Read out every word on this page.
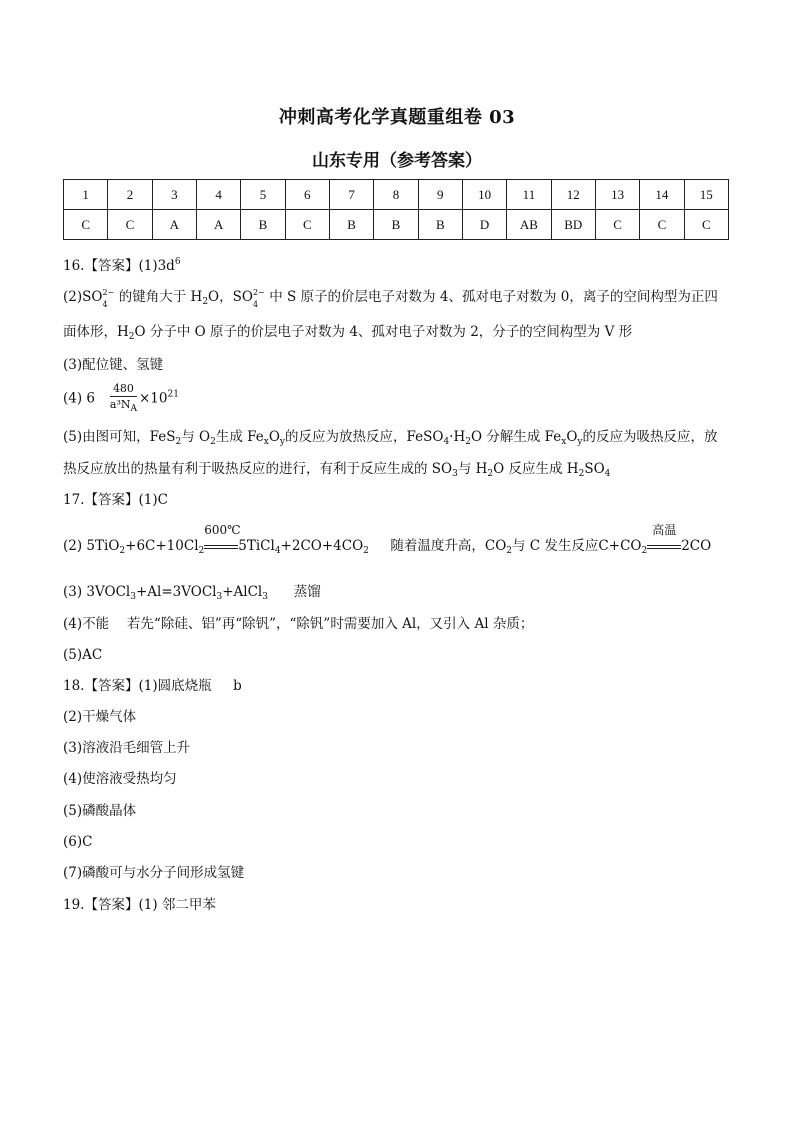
冲刺高考化学真题重组卷 03
山东专用（参考答案）
1	2	3	4	5	6	7	8	9	10	11	12	13	14	15
C	C	A	A	B	C	B	B	B	D	AB	BD	C	C	C
16.【答案】$(1)3d^6$
(2)SO 2−
4 的键角大于 $H_2O$，SO 2−
4 中 S 原子的价层电子对数为 4、孤对电子对数为 0，离子的空间构型为正四
面体形，$H_2O$ 分子中 O 原子的价层电子对数为 4、孤对电子对数为 2，分子的空间构型为 V 形
(3)配位键、氢键
(4) $6 \frac{480}{a^3N_A} \times 10^{21}$
(5)由图可知，FeS$_2$与 $O_2$生成 $Fe_xO_y$的反应为放热反应，$FeSO_4\cdot H_2O$ 分解生成 $Fe_xO_y$的反应为吸热反应，放
热反应放出的热量有利于吸热反应的进行，有利于反应生成的 $SO_3$与 $H_2O$ 反应生成 $H_2SO_4$
17.【答案】(1)C
(2) $5TiO_2+6C+10Cl_2$
600℃
$5TiCl_4+2CO+4CO_2$ 随着温度升高，$CO_2$与 C 发生反应$C+CO_2$
高温
2CO
(3) 3VOCl$_3$+Al=3VOCl$_3$+AlCl$_3$ 蒸馏
(4)不能　 若先“除硅、铝”再“除钒”，“除钒”时需要加入 Al，又引入 Al 杂质；
(5)AC
18.【答案】(1)圆底烧瓶 b
(2)干燥气体
(3)溶液沿毛细管上升
(4)使溶液受热均匀
(5)磷酸晶体
(6)C
(7)磷酸可与水分子间形成氢键
19.【答案】(1) 邻二甲苯
